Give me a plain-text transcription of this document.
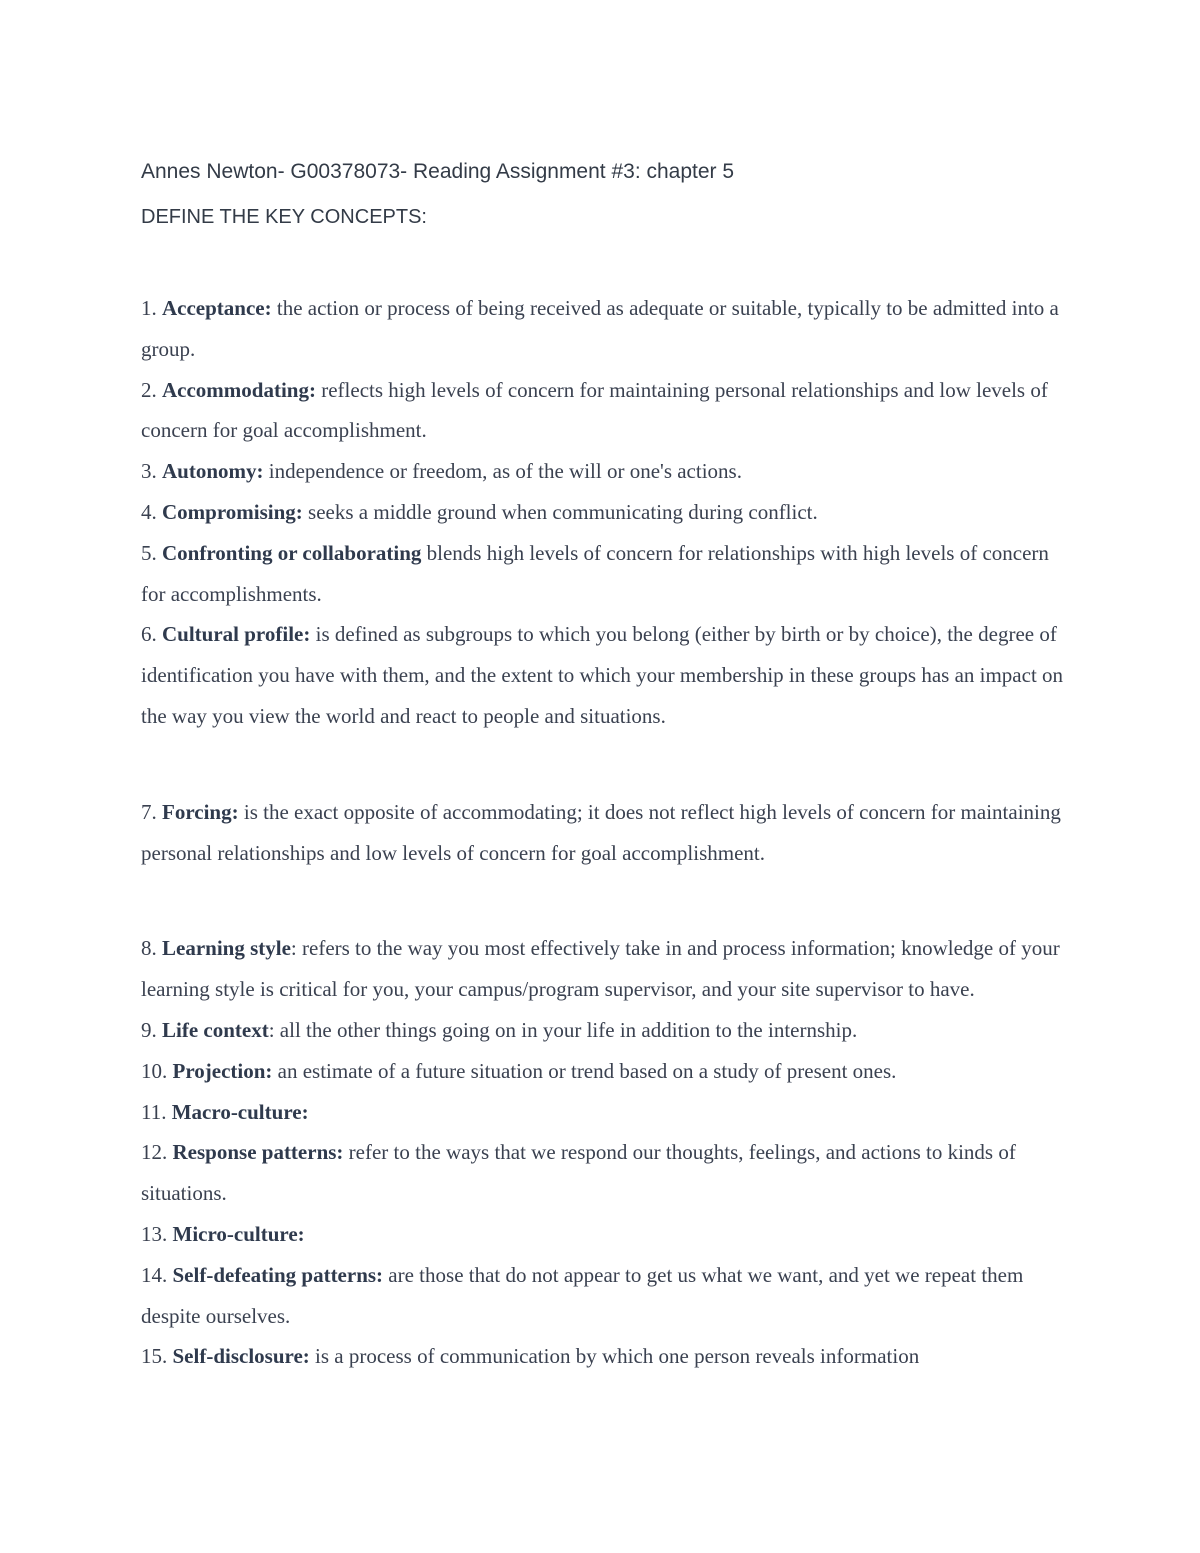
Annes Newton- G00378073- Reading Assignment #3: chapter 5
DEFINE THE KEY CONCEPTS:

1. Acceptance: the action or process of being received as adequate or suitable, typically to be admitted into a group.

2. Accommodating: reflects high levels of concern for maintaining personal relationships and low levels of concern for goal accomplishment.

3. Autonomy: independence or freedom, as of the will or one's actions.

4. Compromising: seeks a middle ground when communicating during conflict.

5. Confronting or collaborating blends high levels of concern for relationships with high levels of concern for accomplishments.

6. Cultural profile: is defined as subgroups to which you belong (either by birth or by choice), the degree of identification you have with them, and the extent to which your membership in these groups has an impact on the way you view the world and react to people and situations.

7. Forcing: is the exact opposite of accommodating; it does not reflect high levels of concern for maintaining personal relationships and low levels of concern for goal accomplishment.

8. Learning style: refers to the way you most effectively take in and process information; knowledge of your learning style is critical for you, your campus/program supervisor, and your site supervisor to have.

9. Life context: all the other things going on in your life in addition to the internship.

10. Projection: an estimate of a future situation or trend based on a study of present ones.

11. Macro-culture:

12. Response patterns: refer to the ways that we respond our thoughts, feelings, and actions to kinds of situations.

13. Micro-culture:

14. Self-defeating patterns: are those that do not appear to get us what we want, and yet we repeat them despite ourselves.

15. Self-disclosure: is a process of communication by which one person reveals information
